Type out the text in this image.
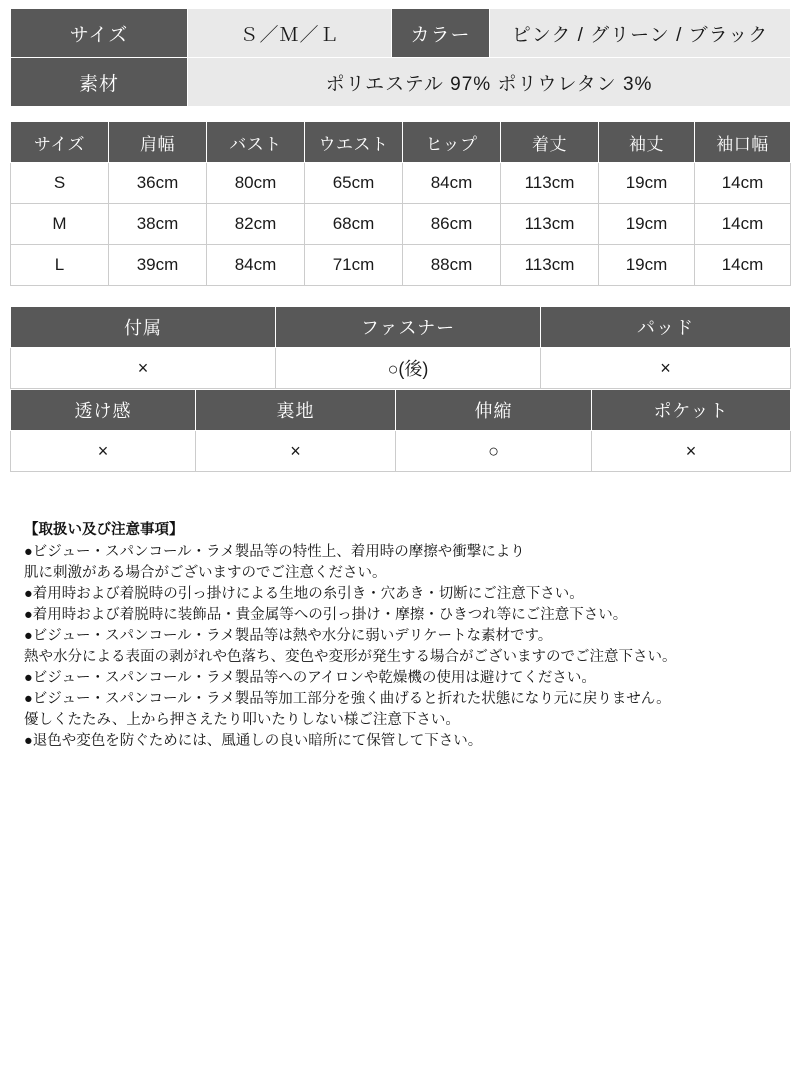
サイズ	Ｓ／Ｍ／Ｌ	カラー	ピンク / グリーン / ブラック
素材	ポリエステル 97% ポリウレタン 3%		
サイズ	肩幅	バスト	ウエスト	ヒップ	着丈	袖丈	袖口幅
S	36cm	80cm	65cm	84cm	113cm	19cm	14cm
M	38cm	82cm	68cm	86cm	113cm	19cm	14cm
L	39cm	84cm	71cm	88cm	113cm	19cm	14cm
付属	ファスナー	パッド
×	○(後)	×
透け感	裏地	伸縮	ポケット
×	×	○	×
【取扱い及び注意事項】
●ビジュー・スパンコール・ラメ製品等の特性上、着用時の摩擦や衝撃により
肌に刺激がある場合がございますのでご注意ください。
●着用時および着脱時の引っ掛けによる生地の糸引き・穴あき・切断にご注意下さい。
●着用時および着脱時に装飾品・貴金属等への引っ掛け・摩擦・ひきつれ等にご注意下さい。
●ビジュー・スパンコール・ラメ製品等は熱や水分に弱いデリケートな素材です。
熱や水分による表面の剥がれや色落ち、変色や変形が発生する場合がございますのでご注意下さい。
●ビジュー・スパンコール・ラメ製品等へのアイロンや乾燥機の使用は避けてください。
●ビジュー・スパンコール・ラメ製品等加工部分を強く曲げると折れた状態になり元に戻りません。
優しくたたみ、上から押さえたり叩いたりしない様ご注意下さい。
●退色や変色を防ぐためには、風通しの良い暗所にて保管して下さい。
